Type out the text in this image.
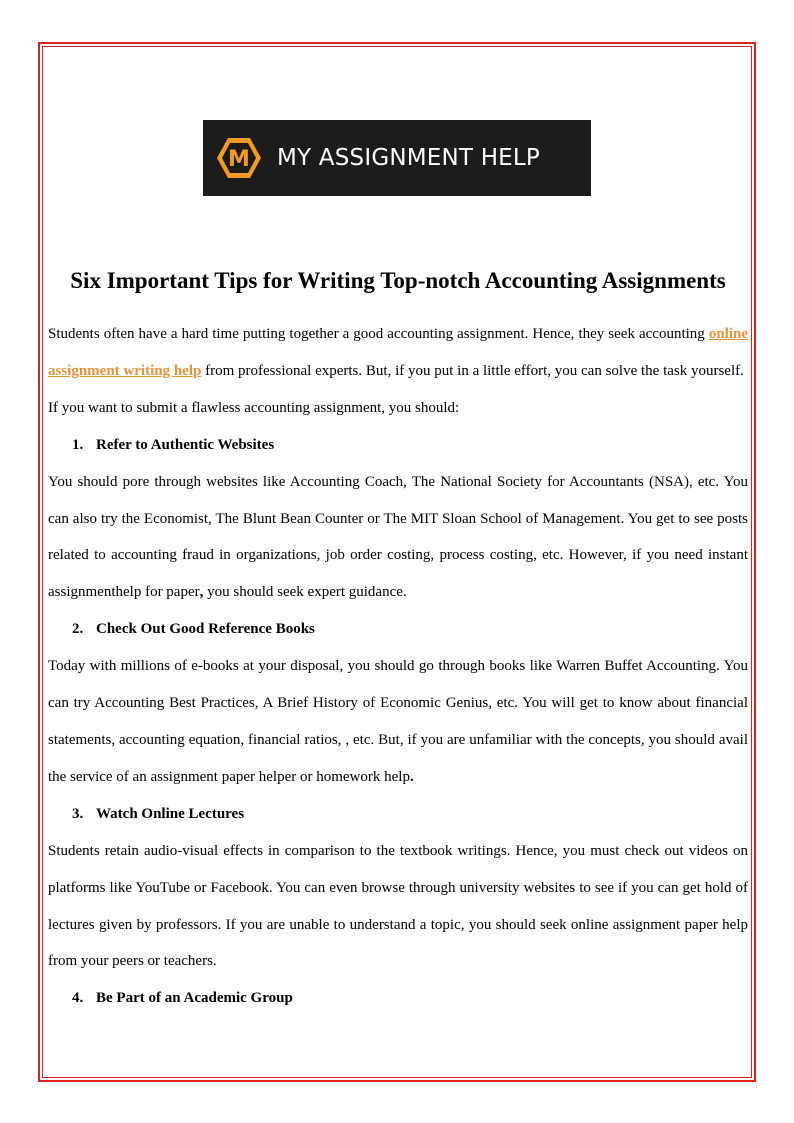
M MY ASSIGNMENT HELP
Six Important Tips for Writing Top-notch Accounting Assignments

Students often have a hard time putting together a good accounting assignment. Hence, they seek accounting online assignment writing help from professional experts. But, if you put in a little effort, you can solve the task yourself.

If you want to submit a flawless accounting assignment, you should:

1. Refer to Authentic Websites

You should pore through websites like Accounting Coach, The National Society for Accountants (NSA), etc. You can also try the Economist, The Blunt Bean Counter or The MIT Sloan School of Management. You get to see posts related to accounting fraud in organizations, job order costing, process costing, etc. However, if you need instant assignmenthelp for paper, you should seek expert guidance.

2. Check Out Good Reference Books

Today with millions of e-books at your disposal, you should go through books like Warren Buffet Accounting. You can try Accounting Best Practices, A Brief History of Economic Genius, etc. You will get to know about financial statements, accounting equation, financial ratios, , etc. But, if you are unfamiliar with the concepts, you should avail the service of an assignment paper helper or homework help.

3. Watch Online Lectures

Students retain audio-visual effects in comparison to the textbook writings. Hence, you must check out videos on platforms like YouTube or Facebook. You can even browse through university websites to see if you can get hold of lectures given by professors. If you are unable to understand a topic, you should seek online assignment paper help from your peers or teachers.

4. Be Part of an Academic Group
